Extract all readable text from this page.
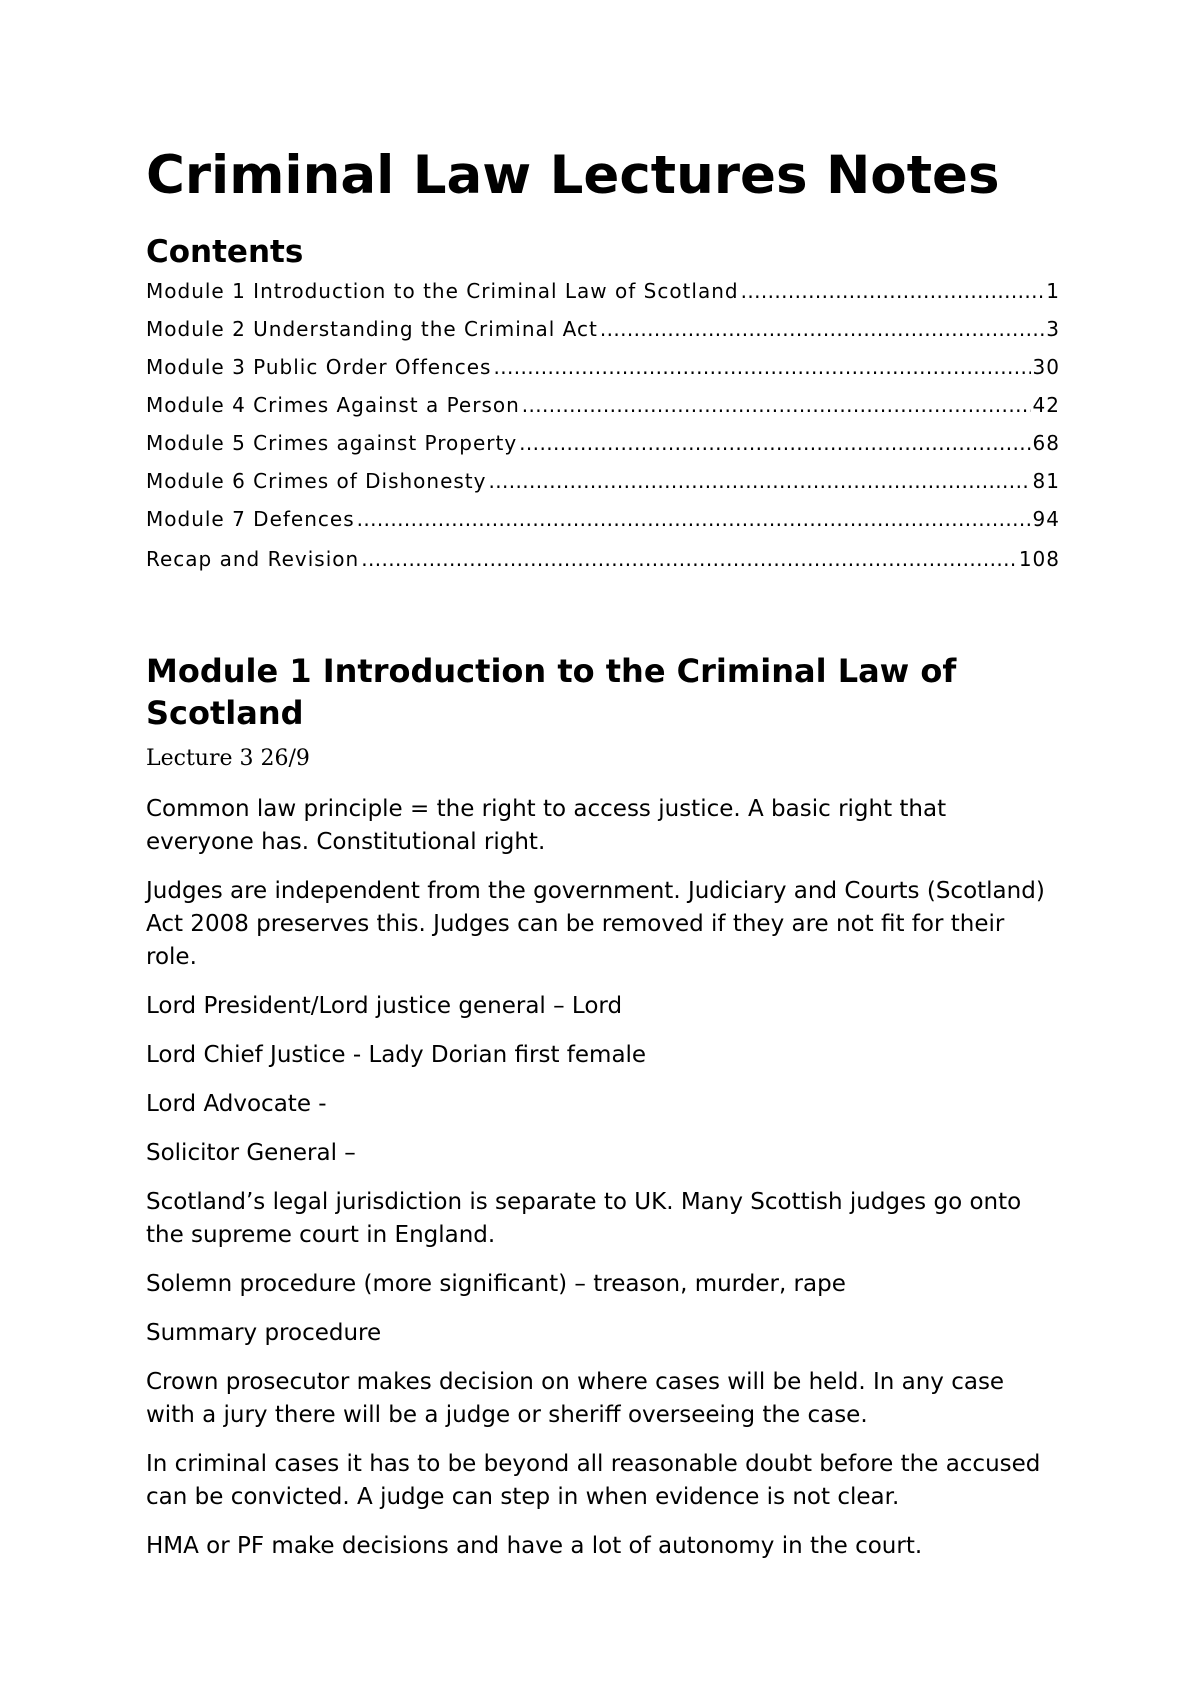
Criminal Law Lectures Notes
Contents
Module 1 Introduction to the Criminal Law of Scotland .....	1
Module 2 Understanding the Criminal Act .....	3
Module 3 Public Order Offences .....	30
Module 4 Crimes Against a Person .....	42
Module 5 Crimes against Property .....	68
Module 6 Crimes of Dishonesty .....	81
Module 7 Defences .....	94
Recap and Revision .....	108
Module 1 Introduction to the Criminal Law of Scotland

Lecture 3 26/9

Common law principle = the right to access justice. A basic right that everyone has. Constitutional right.

Judges are independent from the government. Judiciary and Courts (Scotland) Act 2008 preserves this. Judges can be removed if they are not fit for their role.

Lord President/Lord justice general – Lord

Lord Chief Justice - Lady Dorian first female

Lord Advocate -

Solicitor General –

Scotland’s legal jurisdiction is separate to UK. Many Scottish judges go onto the supreme court in England.

Solemn procedure (more significant) – treason, murder, rape

Summary procedure

Crown prosecutor makes decision on where cases will be held. In any case with a jury there will be a judge or sheriff overseeing the case.

In criminal cases it has to be beyond all reasonable doubt before the accused can be convicted. A judge can step in when evidence is not clear.

HMA or PF make decisions and have a lot of autonomy in the court.
